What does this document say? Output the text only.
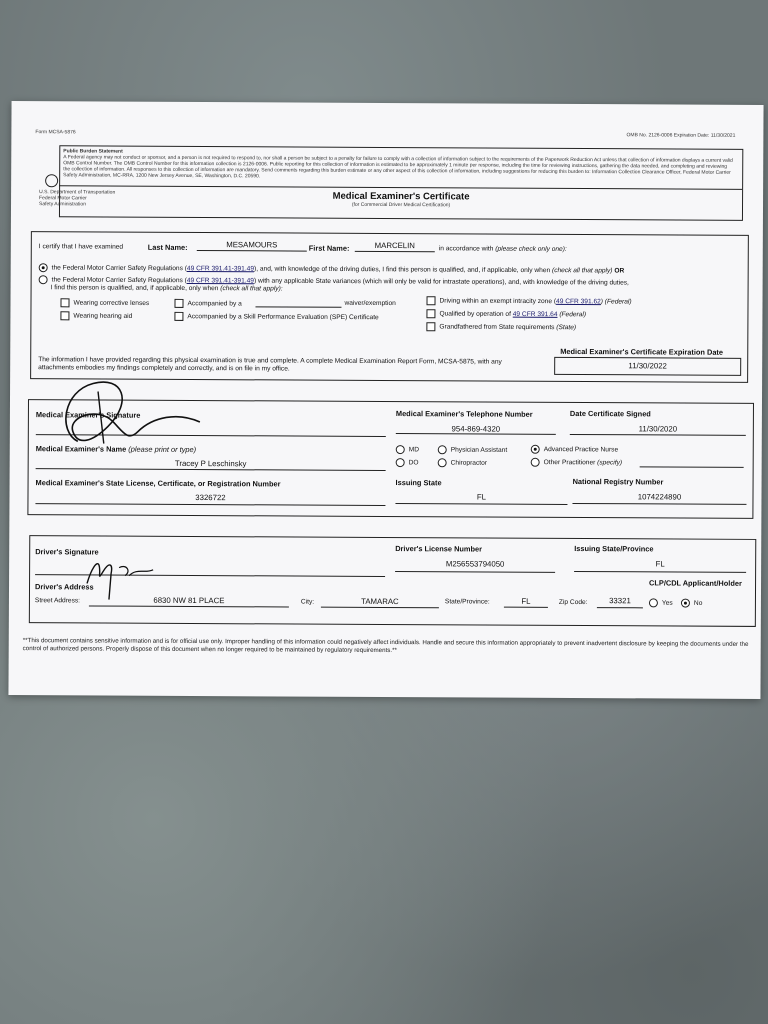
Form MCSA-5876	OMB No. 2126-0006 Expiration Date: 11/30/2021
Public Burden Statement
A Federal agency may not conduct or sponsor, and a person is not required to respond to, nor shall a person be subject to a penalty for failure to comply with a collection of information subject to the requirements of the Paperwork Reduction Act unless that collection of information displays a current valid OMB Control Number. The OMB Control Number for this information collection is 2126-0006. Public reporting for this collection of information is estimated to be approximately 1 minute per response, including the time for reviewing instructions, gathering the data needed, and completing and reviewing the collection of information. All responses to this collection of information are mandatory. Send comments regarding this burden estimate or any other aspect of this collection of information, including suggestions for reducing this burden to: Information Collection Clearance Officer, Federal Motor Carrier Safety Administration, MC-RRA, 1200 New Jersey Avenue, SE, Washington, D.C. 20590.
U.S. Department of Transportation
Federal Motor Carrier
Safety Administration
Medical Examiner's Certificate
(for Commercial Driver Medical Certification)
I certify that I have examined	Last Name:	MESAMOURS	First Name:	MARCELIN	in accordance with (please check only one):
the Federal Motor Carrier Safety Regulations (49 CFR 391.41-391.49), and, with knowledge of the driving duties, I find this person is qualified, and, if applicable, only when (check all that apply) OR
the Federal Motor Carrier Safety Regulations (49 CFR 391.41-391.49) with any applicable State variances (which will only be valid for intrastate operations), and, with knowledge of the driving duties,
I find this person is qualified, and, if applicable, only when (check all that apply):
Wearing corrective lenses
Wearing hearing aid
Accompanied by a	waiver/exemption
Accompanied by a Skill Performance Evaluation (SPE) Certificate
Driving within an exempt intracity zone (49 CFR 391.62) (Federal)
Qualified by operation of 49 CFR 391.64 (Federal)
Grandfathered from State requirements (State)
The information I have provided regarding this physical examination is true and complete. A complete Medical Examination Report Form, MCSA-5875, with any attachments embodies my findings completely and correctly, and is on file in my office.
Medical Examiner's Certificate Expiration Date
11/30/2022
Medical Examiner's Signature	Medical Examiner's Telephone Number
954-869-4320
Date Certificate Signed
11/30/2020
Medical Examiner's Name (please print or type)
Tracey P Leschinsky
MD
DO
Physician Assistant
Chiropractor
Advanced Practice Nurse
Other Practitioner (specify)
Medical Examiner's State License, Certificate, or Registration Number
3326722
Issuing State
FL
National Registry Number
1074224890
Driver's Signature	Driver's License Number
M256553794050
Issuing State/Province
FL
Driver's Address	CLP/CDL Applicant/Holder
Street Address:	6830 NW 81 PLACE	City:	TAMARAC	State/Province:	FL	Zip Code:	33321	Yes	No
**This document contains sensitive information and is for official use only. Improper handling of this information could negatively affect individuals. Handle and secure this information appropriately to prevent inadvertent disclosure by keeping the documents under the control of authorized persons. Properly dispose of this document when no longer required to be maintained by regulatory requirements.**
